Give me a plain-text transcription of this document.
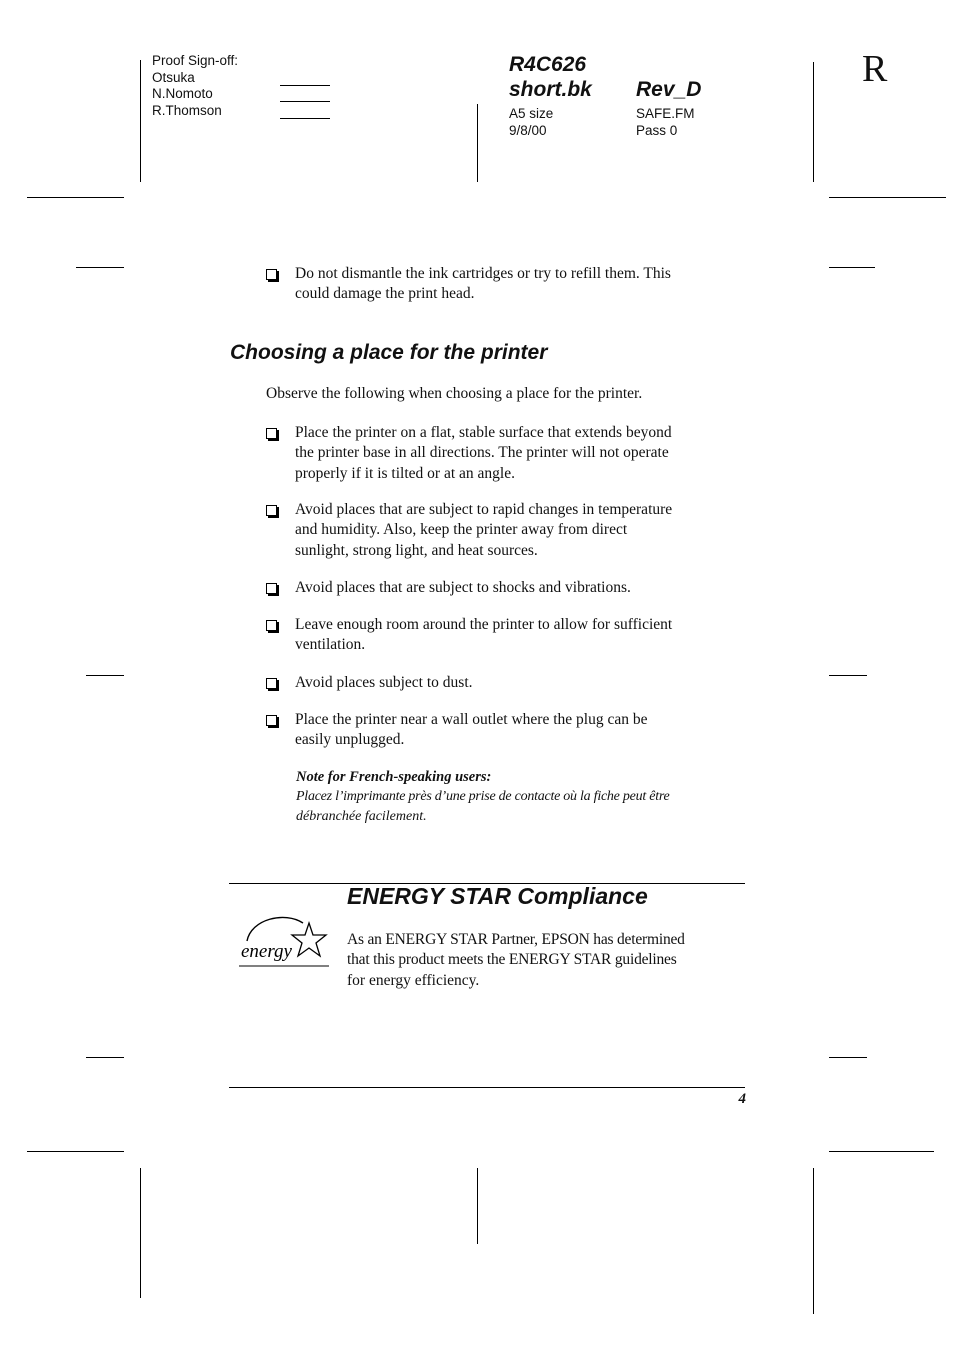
Proof Sign-off:
Otsuka
N.Nomoto
R.Thomson
R4C626
short.bk Rev_D
A5 size
9/8/00
SAFE.FM
Pass 0
R
Do not dismantle the ink cartridges or try to refill them. This
could damage the print head.
Choosing a place for the printer
Observe the following when choosing a place for the printer.
Place the printer on a flat, stable surface that extends beyond
the printer base in all directions. The printer will not operate
properly if it is tilted or at an angle.
Avoid places that are subject to rapid changes in temperature
and humidity. Also, keep the printer away from direct
sunlight, strong light, and heat sources.
Avoid places that are subject to shocks and vibrations.
Leave enough room around the printer to allow for sufficient
ventilation.
Avoid places subject to dust.
Place the printer near a wall outlet where the plug can be
easily unplugged.
Note for French-speaking users:
Placez l’imprimante près d’une prise de contacte où la fiche peut être
débranchée facilement.
ENERGY STAR Compliance
energy
As an ENERGY STAR Partner, EPSON has determined
that this product meets the ENERGY STAR guidelines
for energy efficiency.
4
